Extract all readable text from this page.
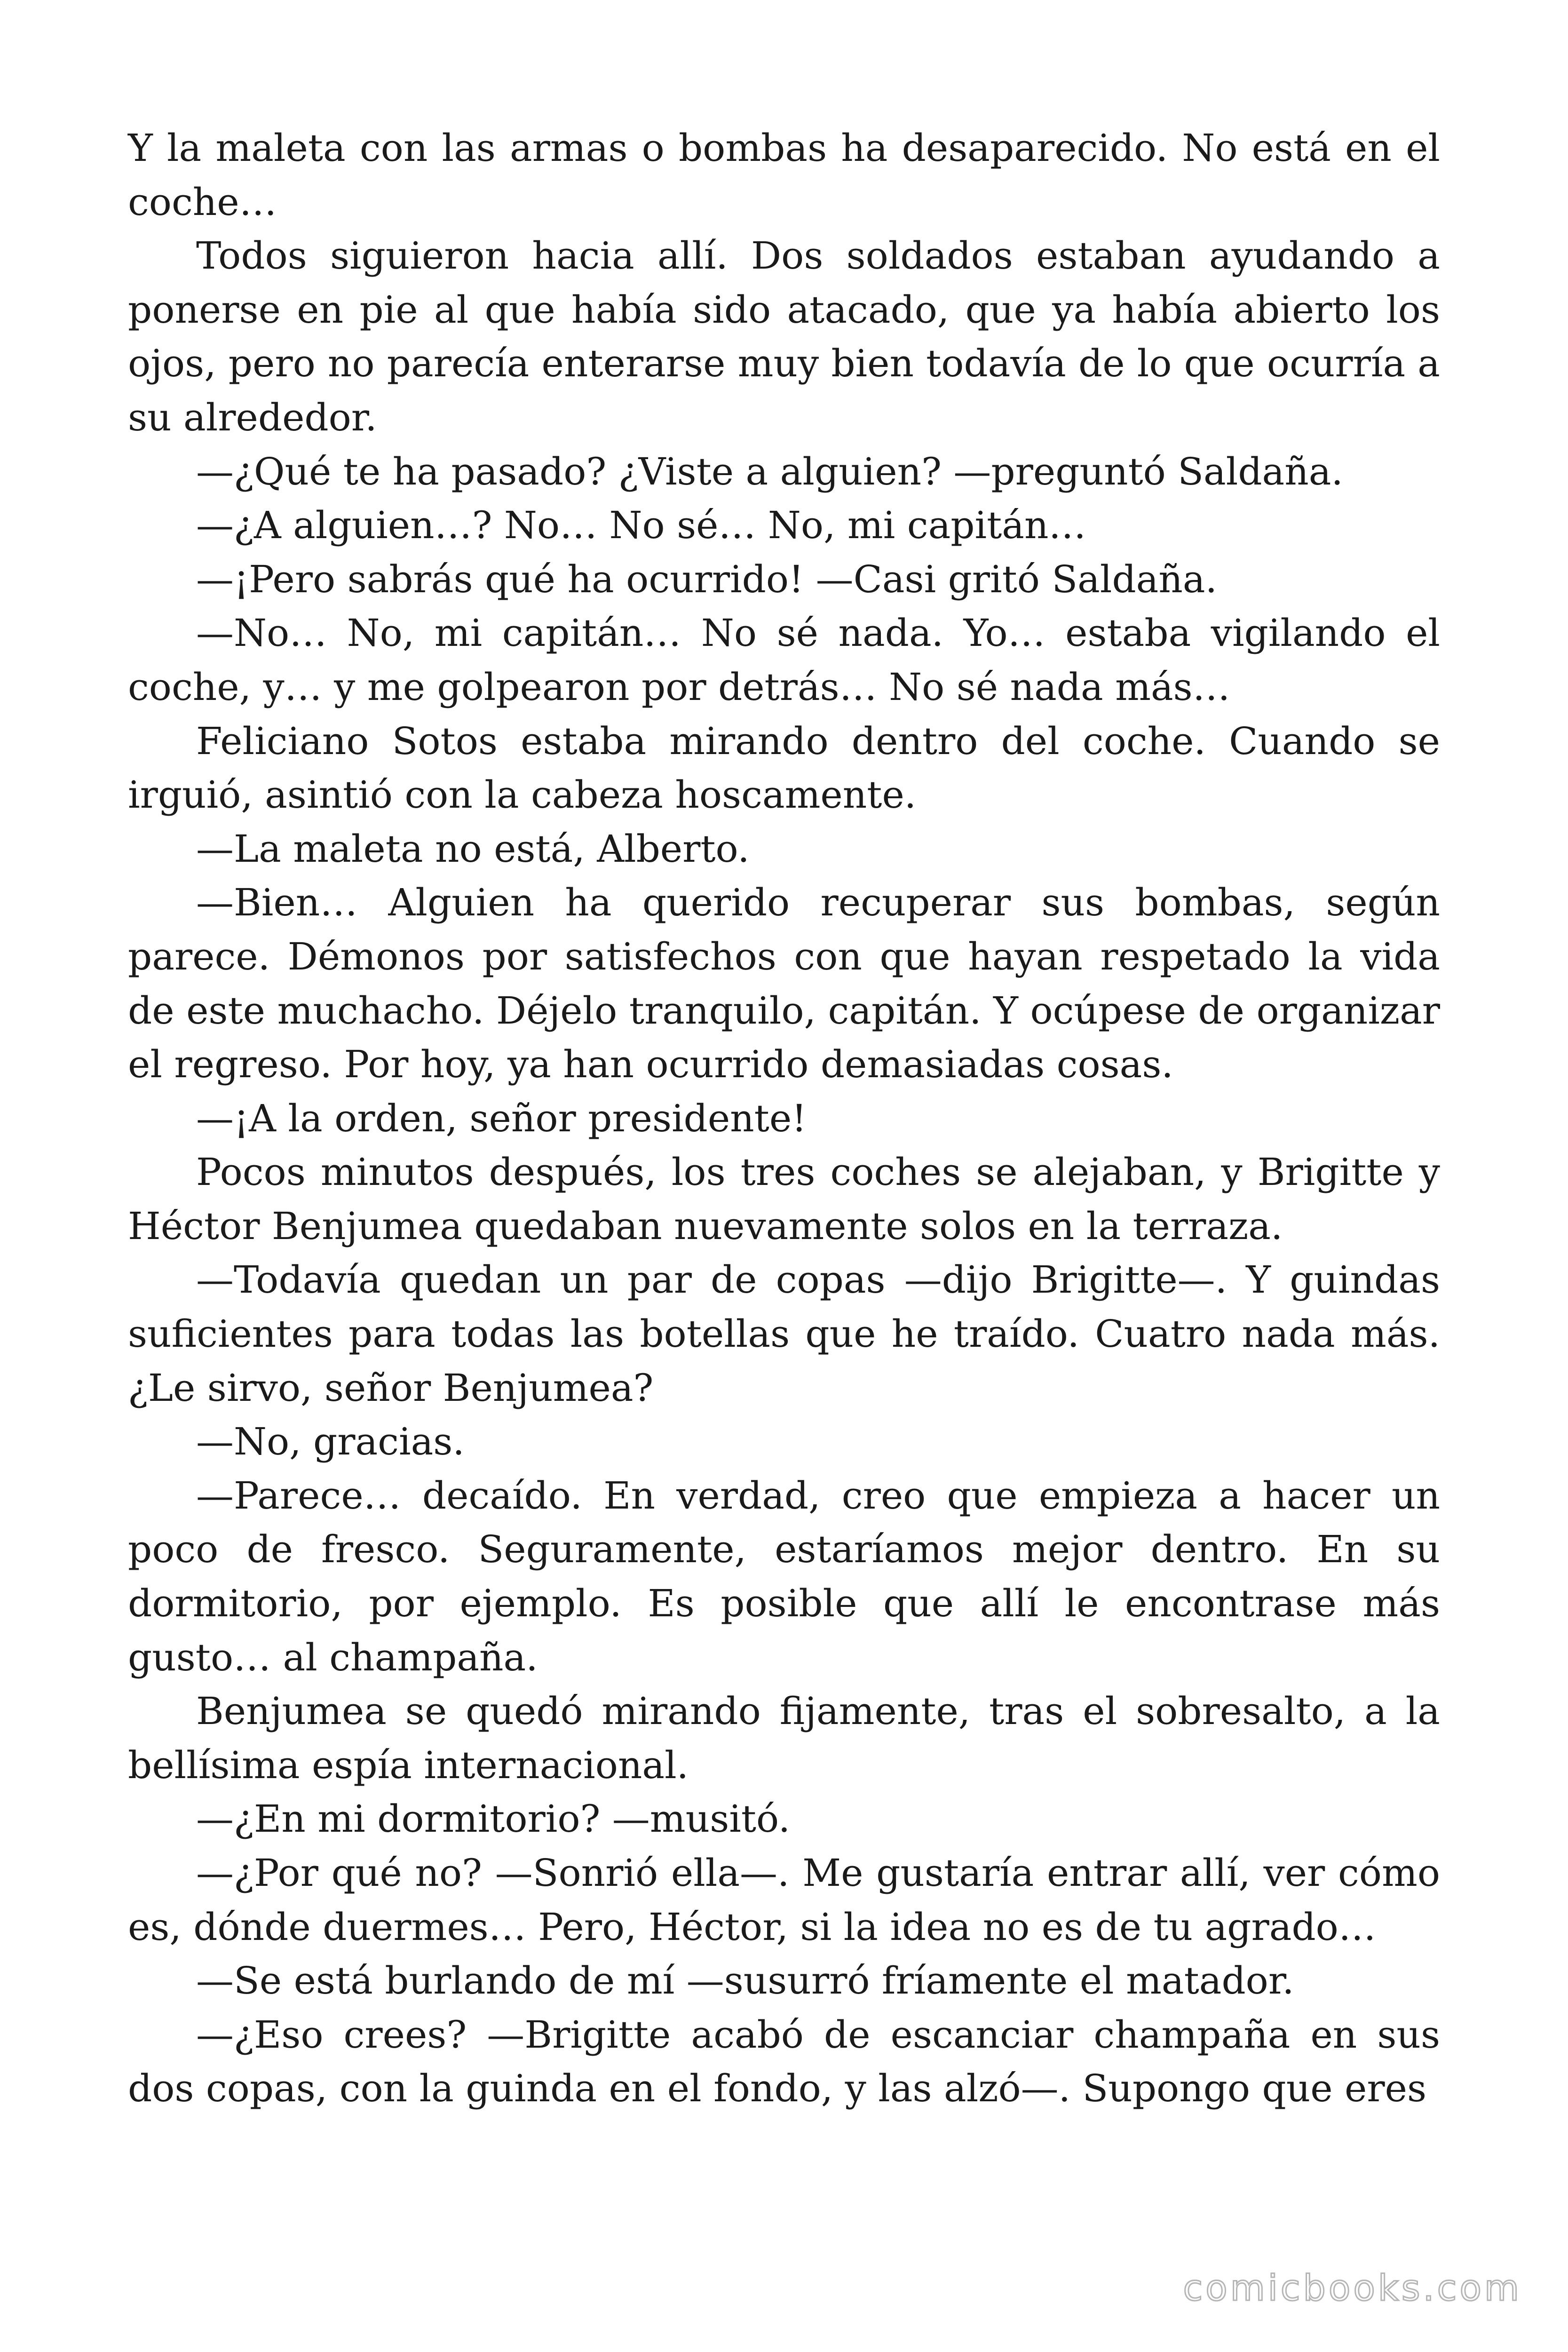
Y la maleta con las armas o bombas ha desaparecido. No está en el coche…

Todos siguieron hacia allí. Dos soldados estaban ayudando a ponerse en pie al que había sido atacado, que ya había abierto los ojos, pero no parecía enterarse muy bien todavía de lo que ocurría a su alrededor.

—¿Qué te ha pasado? ¿Viste a alguien? —preguntó Saldaña.

—¿A alguien…? No… No sé… No, mi capitán…

—¡Pero sabrás qué ha ocurrido! —Casi gritó Saldaña.

—No… No, mi capitán… No sé nada. Yo… estaba vigilando el coche, y… y me golpearon por detrás… No sé nada más…

Feliciano Sotos estaba mirando dentro del coche. Cuando se irguió, asintió con la cabeza hoscamente.

—La maleta no está, Alberto.

—Bien… Alguien ha querido recuperar sus bombas, según parece. Démonos por satisfechos con que hayan respetado la vida de este muchacho. Déjelo tranquilo, capitán. Y ocúpese de organizar el regreso. Por hoy, ya han ocurrido demasiadas cosas.

—¡A la orden, señor presidente!

Pocos minutos después, los tres coches se alejaban, y Brigitte y Héctor Benjumea quedaban nuevamente solos en la terraza.

—Todavía quedan un par de copas —dijo Brigitte—. Y guindas suficientes para todas las botellas que he traído. Cuatro nada más. ¿Le sirvo, señor Benjumea?

—No, gracias.

—Parece… decaído. En verdad, creo que empieza a hacer un poco de fresco. Seguramente, estaríamos mejor dentro. En su dormitorio, por ejemplo. Es posible que allí le encontrase más gusto… al champaña.

Benjumea se quedó mirando fijamente, tras el sobresalto, a la bellísima espía internacional.

—¿En mi dormitorio? —musitó.

—¿Por qué no? —Sonrió ella—. Me gustaría entrar allí, ver cómo es, dónde duermes… Pero, Héctor, si la idea no es de tu agrado…

—Se está burlando de mí —susurró fríamente el matador.

—¿Eso crees? —Brigitte acabó de escanciar champaña en sus dos copas, con la guinda en el fondo, y las alzó—. Supongo que eres

comicbooks.com
